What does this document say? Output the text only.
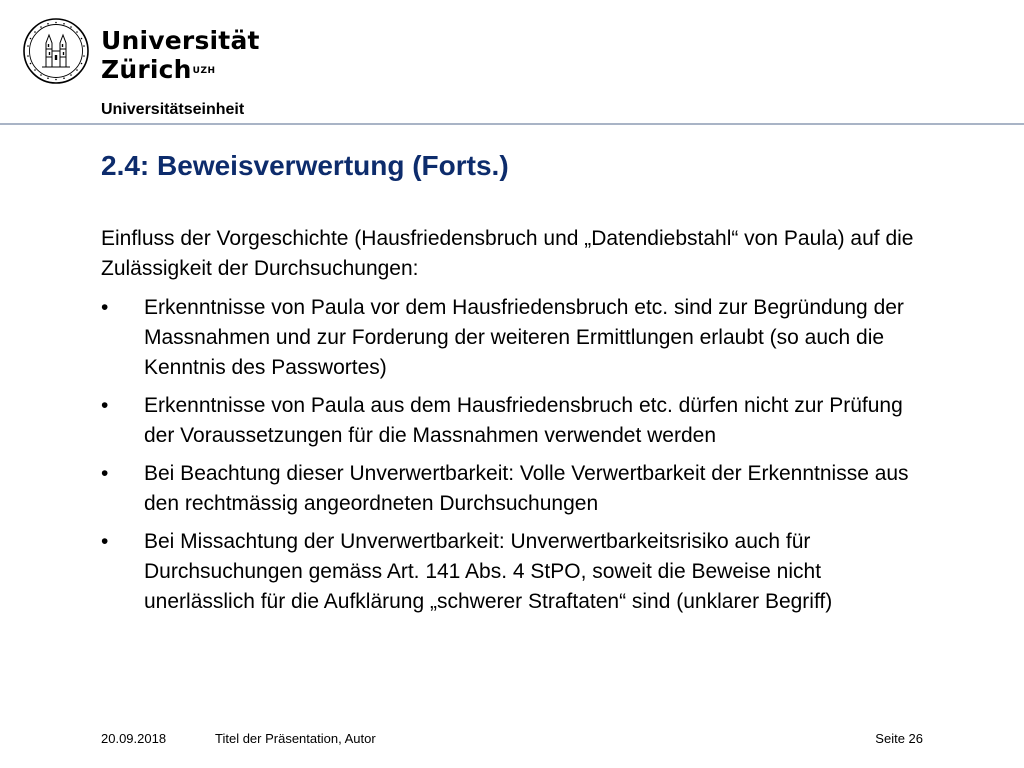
Universität
Zürich$^{UZH}$
Universitätseinheit
2.4: Beweisverwertung (Forts.)

Einfluss der Vorgeschichte (Hausfriedensbruch und „Datendiebstahl“ von Paula) auf die Zulässigkeit der Durchsuchungen:

• Erkenntnisse von Paula vor dem Hausfriedensbruch etc. sind zur Begründung der Massnahmen und zur Forderung der weiteren Ermittlungen erlaubt (so auch die Kenntnis des Passwortes)
• Erkenntnisse von Paula aus dem Hausfriedensbruch etc. dürfen nicht zur Prüfung der Voraussetzungen für die Massnahmen verwendet werden
• Bei Beachtung dieser Unverwertbarkeit: Volle Verwertbarkeit der Erkenntnisse aus den rechtmässig angeordneten Durchsuchungen
• Bei Missachtung der Unverwertbarkeit: Unverwertbarkeitsrisiko auch für Durchsuchungen gemäss Art. 141 Abs. 4 StPO, soweit die Beweise nicht unerlässlich für die Aufklärung „schwerer Straftaten“ sind (unklarer Begriff)
20.09.2018	Titel der Präsentation, Autor	Seite 26
